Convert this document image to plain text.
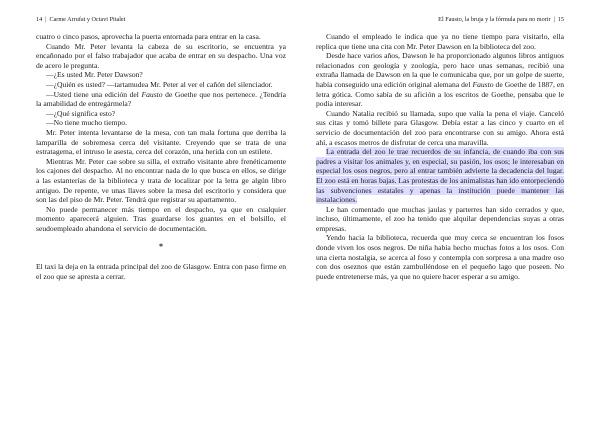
14 | Carme Arrufat y Octavi Pitalet

cuatro o cinco pasos, aprovecha la puerta entornada para entrar en la casa.

Cuando Mr. Peter levanta la cabeza de su escritorio, se encuentra ya encañonado por el falso trabajador que acaba de entrar en su despacho. Una voz de acero le pregunta.

—¿Es usted Mr. Peter Dawson?

—¿Quién es usted? —tartamudea Mr. Peter al ver el cañón del silenciador.

—Usted tiene una edición del Fausto de Goethe que nos pertenece. ¿Tendría la amabilidad de entregármela?

—¿Qué significa esto?

—No tiene mucho tiempo.

Mr. Peter intenta levantarse de la mesa, con tan mala fortuna que derriba la lamparilla de sobremesa cerca del visitante. Creyendo que se trata de una estratagema, el intruso le asesta, cerca del corazón, una herida con un estilete.

Mientras Mr. Peter cae sobre su silla, el extraño visitante abre frenéticamente los cajones del despacho. Al no encontrar nada de lo que busca en ellos, se dirige a las estanterías de la biblioteca y trata de localizar por la letra ge algún libro antiguo. De repente, ve unas llaves sobre la mesa del escritorio y considera que son las del piso de Mr. Peter. Tendrá que registrar su apartamento.

No puede permanecer más tiempo en el despacho, ya que en cualquier momento aparecerá alguien. Tras guardarse los guantes en el bolsillo, el seudoempleado abandona el servicio de documentación.

*

El taxi la deja en la entrada principal del zoo de Glasgow. Entra con paso firme en el zoo que se apresta a cerrar.

El Fausto, la bruja y la fórmula para no morir | 15

Cuando el empleado le indica que ya no tiene tiempo para visitarlo, ella replica que tiene una cita con Mr. Peter Dawson en la biblioteca del zoo.

Desde hace varios años, Dawson le ha proporcionado algunos libros antiguos relacionados con geología y zoología, pero hace unas semanas, recibió una extraña llamada de Dawson en la que le comunicaba que, por un golpe de suerte, había conseguido una edición original alemana del Fausto de Goethe de 1887, en letra gótica. Como sabía de su afición a los escritos de Goethe, pensaba que le podía interesar.

Cuando Natalia recibió su llamada, supo que valía la pena el viaje. Canceló sus citas y tomó billete para Glasgow. Debía estar a las cinco y cuarto en el servicio de documentación del zoo para encontrarse con su amigo. Ahora está ahí, a escasos metros de disfrutar de cerca una maravilla.

La entrada del zoo le trae recuerdos de su infancia, de cuando iba con sus padres a visitar los animales y, en especial, su pasión, los osos; le interesaban en especial los osos negros, pero al entrar también advierte la decadencia del lugar. El zoo está en horas bajas. Las protestas de los animalistas han ido entorpeciendo las subvenciones estatales y apenas la institución puede mantener las instalaciones.

Le han comentado que muchas jaulas y parterres han sido cerrados y que, incluso, últimamente, el zoo ha tenido que alquilar dependencias suyas a otras empresas.

Yendo hacia la biblioteca, recuerda que muy cerca se encuentran los fosos donde viven los osos negros. De niña había hecho muchas fotos a los osos. Con una cierta nostalgia, se acerca al foso y contempla con sorpresa a una madre oso con dos oseznos que están zambulléndose en el pequeño lago que poseen. No puede entretenerse más, ya que no quiere hacer esperar a su amigo.
